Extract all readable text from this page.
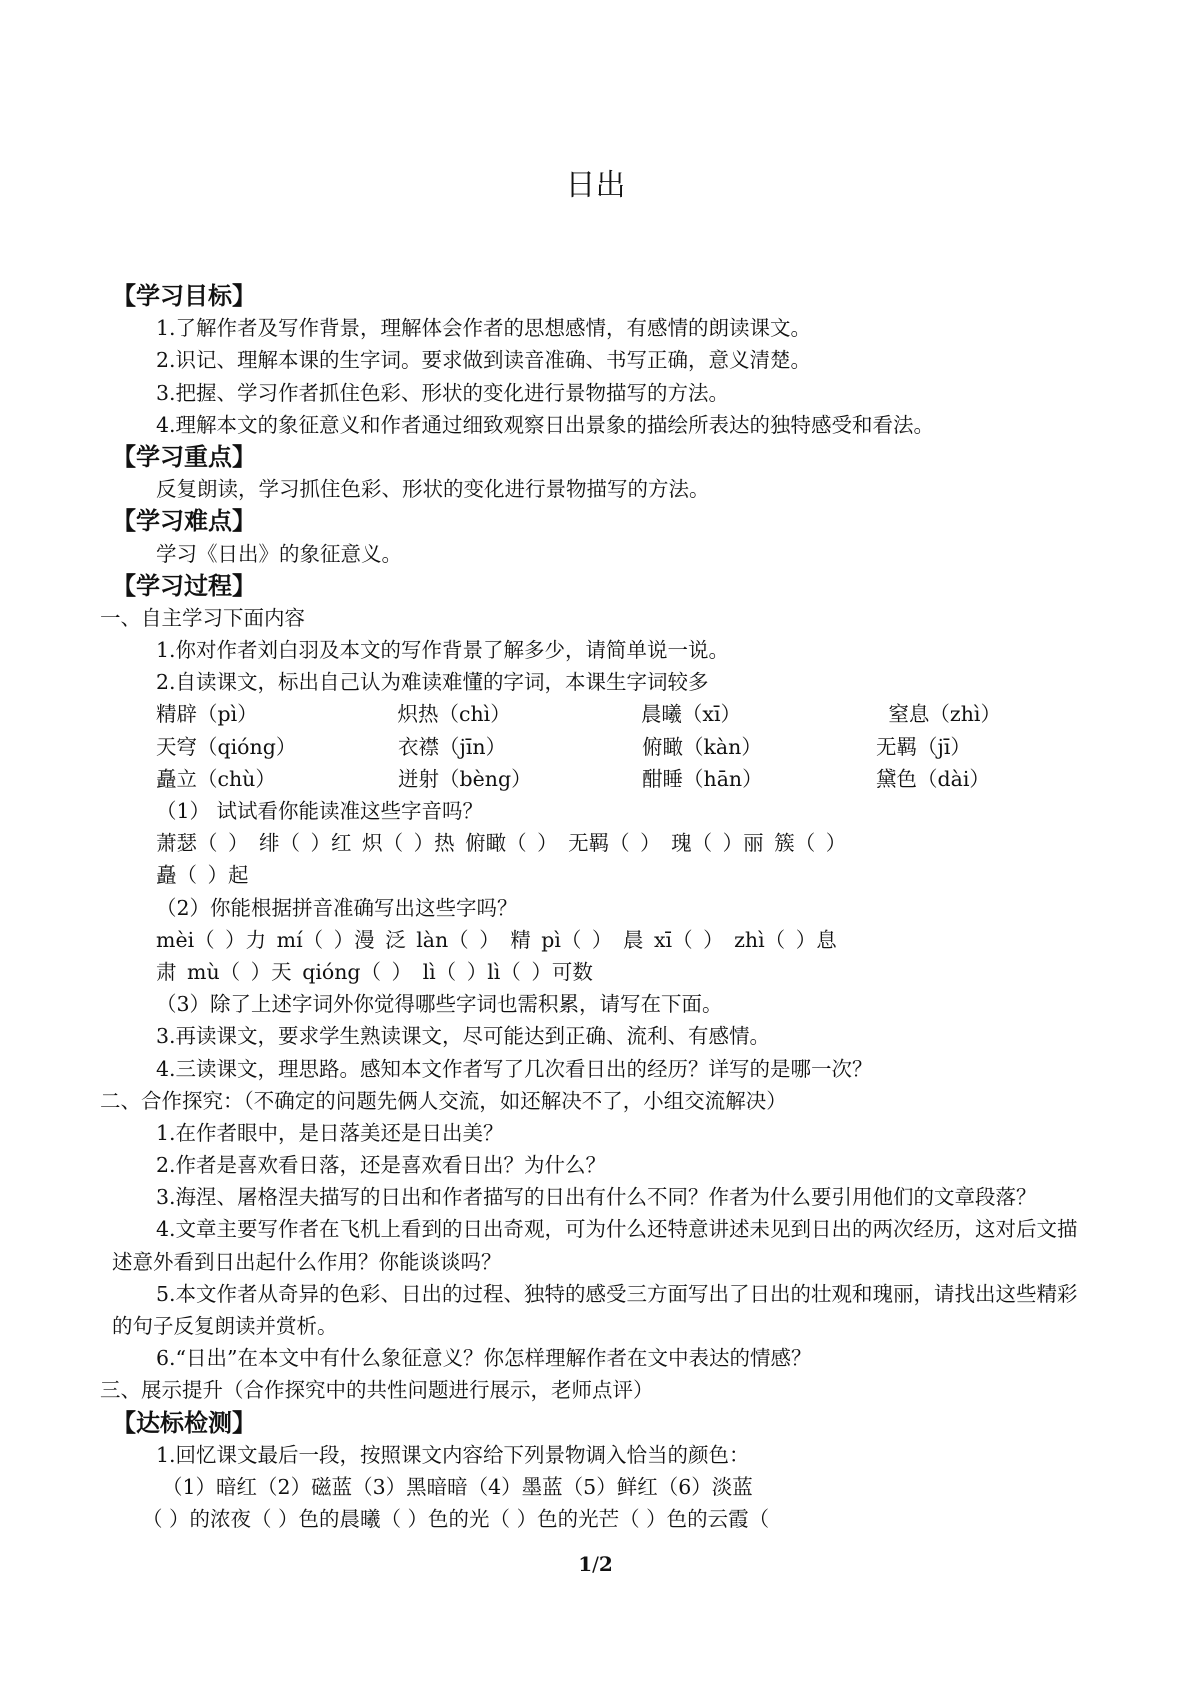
日出
【学习目标】
1.了解作者及写作背景，理解体会作者的思想感情，有感情的朗读课文。
2.识记、理解本课的生字词。要求做到读音准确、书写正确，意义清楚。
3.把握、学习作者抓住色彩、形状的变化进行景物描写的方法。
4.理解本文的象征意义和作者通过细致观察日出景象的描绘所表达的独特感受和看法。
【学习重点】
反复朗读，学习抓住色彩、形状的变化进行景物描写的方法。
【学习难点】
学习《日出》的象征意义。
【学习过程】
一、自主学习下面内容
1.你对作者刘白羽及本文的写作背景了解多少，请简单说一说。
2.自读课文，标出自己认为难读难懂的字词，本课生字词较多
精辟（pì）	炽热（chì）	晨曦（xī）	窒息（zhì）
天穹（qióng）	衣襟（jīn）	俯瞰（kàn）	无羁（jī）
矗立（chù）	迸射（bèng）	酣睡（hān）	黛色（dài）
（1） 试试看你能读准这些字音吗？
萧瑟（ ） 绯（ ）红 炽（ ）热 俯瞰（ ） 无羁（ ） 瑰（ ）丽 簇（ ）
矗（ ）起
（2）你能根据拼音准确写出这些字吗？
mèi（ ）力 mí（ ）漫 泛 làn（ ） 精 pì（ ） 晨 xī（ ） zhì（ ）息
肃 mù（ ）天 qióng（ ） lì（ ）lì（ ）可数
（3）除了上述字词外你觉得哪些字词也需积累，请写在下面。
3.再读课文，要求学生熟读课文，尽可能达到正确、流利、有感情。
4.三读课文，理思路。感知本文作者写了几次看日出的经历？详写的是哪一次？
二、合作探究：（不确定的问题先俩人交流，如还解决不了，小组交流解决）
1.在作者眼中，是日落美还是日出美？
2.作者是喜欢看日落，还是喜欢看日出？为什么？
3.海涅、屠格涅夫描写的日出和作者描写的日出有什么不同？作者为什么要引用他们的文章段落？
4.文章主要写作者在飞机上看到的日出奇观，可为什么还特意讲述未见到日出的两次经历，这对后文描述意外看到日出起什么作用？你能谈谈吗？
5.本文作者从奇异的色彩、日出的过程、独特的感受三方面写出了日出的壮观和瑰丽，请找出这些精彩的句子反复朗读并赏析。
6.“日出”在本文中有什么象征意义？你怎样理解作者在文中表达的情感？
三、展示提升（合作探究中的共性问题进行展示，老师点评）
【达标检测】
1.回忆课文最后一段，按照课文内容给下列景物调入恰当的颜色：
（1）暗红（2）磁蓝（3）黑暗暗（4）墨蓝（5）鲜红（6）淡蓝
（ ）的浓夜（ ）色的晨曦（ ）色的光（ ）色的光芒（ ）色的云霞（
1/2
